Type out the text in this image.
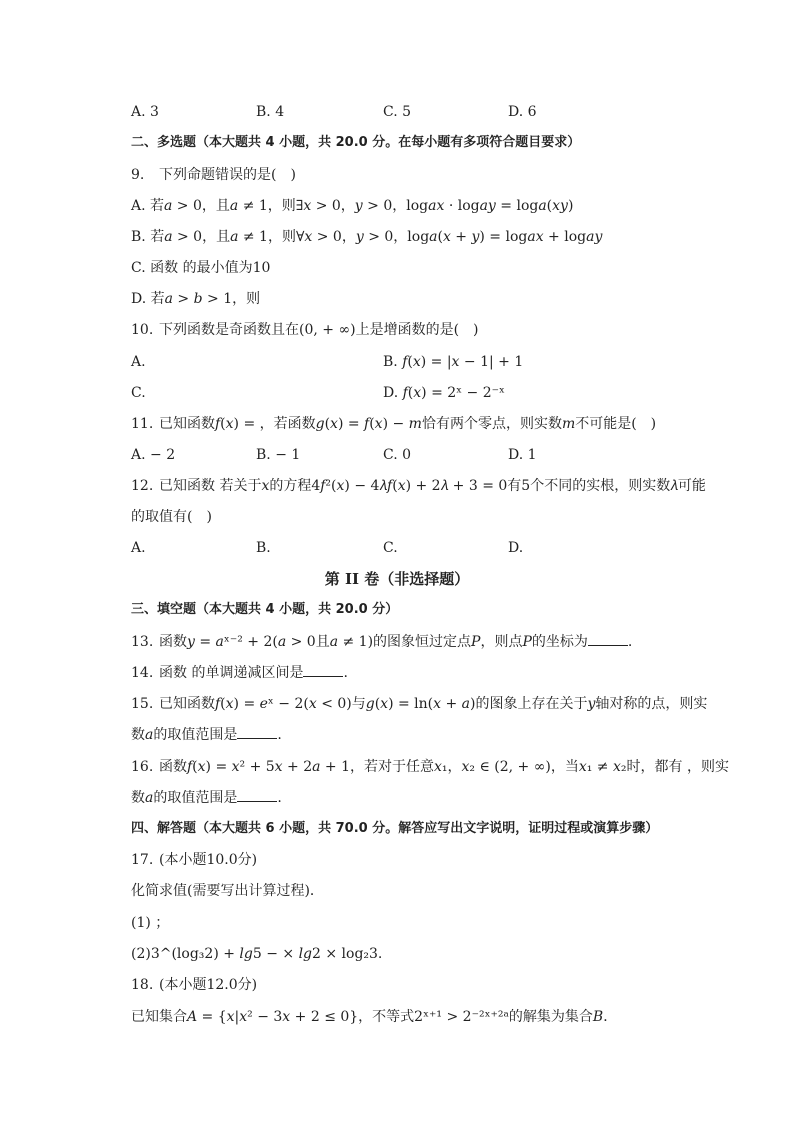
A. 3	B. 4	C. 5	D. 6
二、多选题（本大题共 4 小题，共 20.0 分。在每小题有多项符合题目要求）
9. 下列命题错误的是(　)
A. 若𝑎 > 0，且𝑎 ≠ 1，则∃𝑥 > 0，𝑦 > 0，log𝑎𝑥 · log𝑎𝑦 = log𝑎(𝑥𝑦)
B. 若𝑎 > 0，且𝑎 ≠ 1，则∀𝑥 > 0，𝑦 > 0，log𝑎(𝑥 + 𝑦) = log𝑎𝑥 + log𝑎𝑦
C. 函数 的最小值为10
D. 若𝑎 > 𝑏 > 1，则
10. 下列函数是奇函数且在(0, + ∞)上是增函数的是(　)
A.	B. 𝑓(𝑥) = |𝑥 − 1| + 1
C.	D. 𝑓(𝑥) = 2ˣ − 2⁻ˣ
11. 已知函数𝑓(𝑥) = ，若函数𝑔(𝑥) = 𝑓(𝑥) − 𝑚恰有两个零点，则实数𝑚不可能是(　)
A. − 2	B. − 1	C. 0	D. 1
12. 已知函数 若关于𝑥的方程4𝑓²(𝑥) − 4𝜆𝑓(𝑥) + 2𝜆 + 3 = 0有5个不同的实根，则实数𝜆可能
的取值有(　)
A.	B.	C.	D.
第 II 卷（非选择题）
三、填空题（本大题共 4 小题，共 20.0 分）
13. 函数𝑦 = 𝑎ˣ⁻² + 2(𝑎 > 0且𝑎 ≠ 1)的图象恒过定点𝑃，则点𝑃的坐标为	.
14. 函数 的单调递减区间是	.
15. 已知函数𝑓(𝑥) = 𝑒ˣ − 2(𝑥 < 0)与𝑔(𝑥) = ln(𝑥 + 𝑎)的图象上存在关于𝑦轴对称的点，则实
数𝑎的取值范围是	.
16. 函数𝑓(𝑥) = 𝑥² + 5𝑥 + 2𝑎 + 1，若对于任意𝑥₁，𝑥₂ ∈ (2, + ∞)，当𝑥₁ ≠ 𝑥₂时，都有 ，则实
数𝑎的取值范围是	.
四、解答题（本大题共 6 小题，共 70.0 分。解答应写出文字说明，证明过程或演算步骤）
17. (本小题10.0分)
化简求值(需要写出计算过程)．
(1) ；
(2)3^(log₃2) + 𝑙𝑔5 − × 𝑙𝑔2 × log₂3.
18. (本小题12.0分)
已知集合𝐴 = {𝑥|𝑥² − 3𝑥 + 2 ≤ 0}，不等式2ˣ⁺¹ > 2⁻²ˣ⁺²ᵃ的解集为集合𝐵．
